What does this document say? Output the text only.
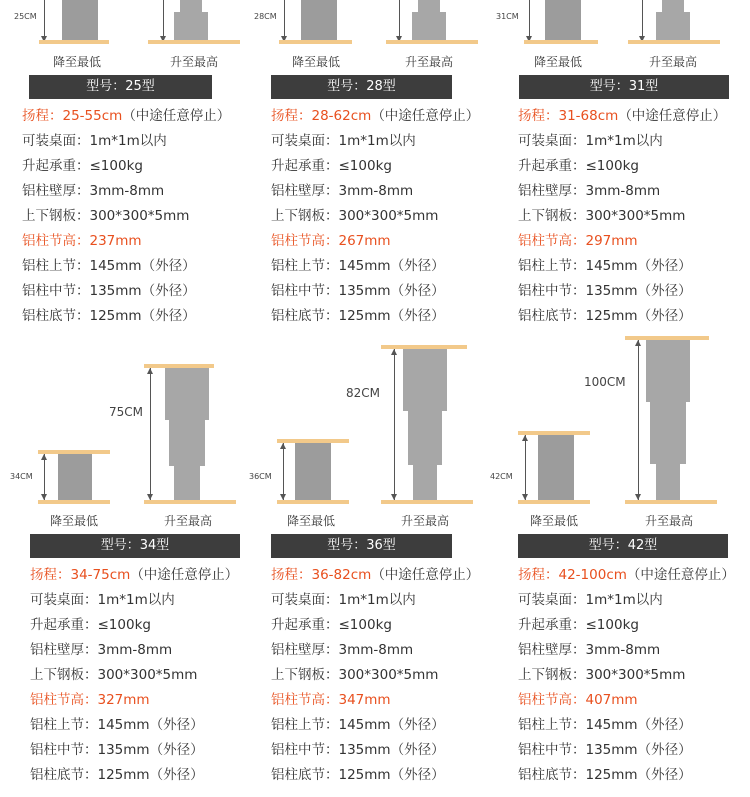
25CM
降至最低	升至最高
型号：25型
扬程：25-55cm（中途任意停止）
可装桌面：1m*1m以内
升起承重：≤100kg
铝柱壁厚：3mm-8mm
上下钢板：300*300*5mm
铝柱节高：237mm
铝柱上节：145mm（外径）
铝柱中节：135mm（外径）
铝柱底节：125mm（外径）
28CM
降至最低	升至最高
型号：28型
扬程：28-62cm（中途任意停止）
可装桌面：1m*1m以内
升起承重：≤100kg
铝柱壁厚：3mm-8mm
上下钢板：300*300*5mm
铝柱节高：267mm
铝柱上节：145mm（外径）
铝柱中节：135mm（外径）
铝柱底节：125mm（外径）
31CM
降至最低	升至最高
型号：31型
扬程：31-68cm（中途任意停止）
可装桌面：1m*1m以内
升起承重：≤100kg
铝柱壁厚：3mm-8mm
上下钢板：300*300*5mm
铝柱节高：297mm
铝柱上节：145mm（外径）
铝柱中节：135mm（外径）
铝柱底节：125mm（外径）
34CM
降至最低
75CM
升至最高
型号：34型
扬程：34-75cm（中途任意停止）
可装桌面：1m*1m以内
升起承重：≤100kg
铝柱壁厚：3mm-8mm
上下钢板：300*300*5mm
铝柱节高：327mm
铝柱上节：145mm（外径）
铝柱中节：135mm（外径）
铝柱底节：125mm（外径）
36CM
降至最低
82CM
升至最高
型号：36型
扬程：36-82cm（中途任意停止）
可装桌面：1m*1m以内
升起承重：≤100kg
铝柱壁厚：3mm-8mm
上下钢板：300*300*5mm
铝柱节高：347mm
铝柱上节：145mm（外径）
铝柱中节：135mm（外径）
铝柱底节：125mm（外径）
42CM
降至最低
100CM
升至最高
型号：42型
扬程：42-100cm（中途任意停止）
可装桌面：1m*1m以内
升起承重：≤100kg
铝柱壁厚：3mm-8mm
上下钢板：300*300*5mm
铝柱节高：407mm
铝柱上节：145mm（外径）
铝柱中节：135mm（外径）
铝柱底节：125mm（外径）
